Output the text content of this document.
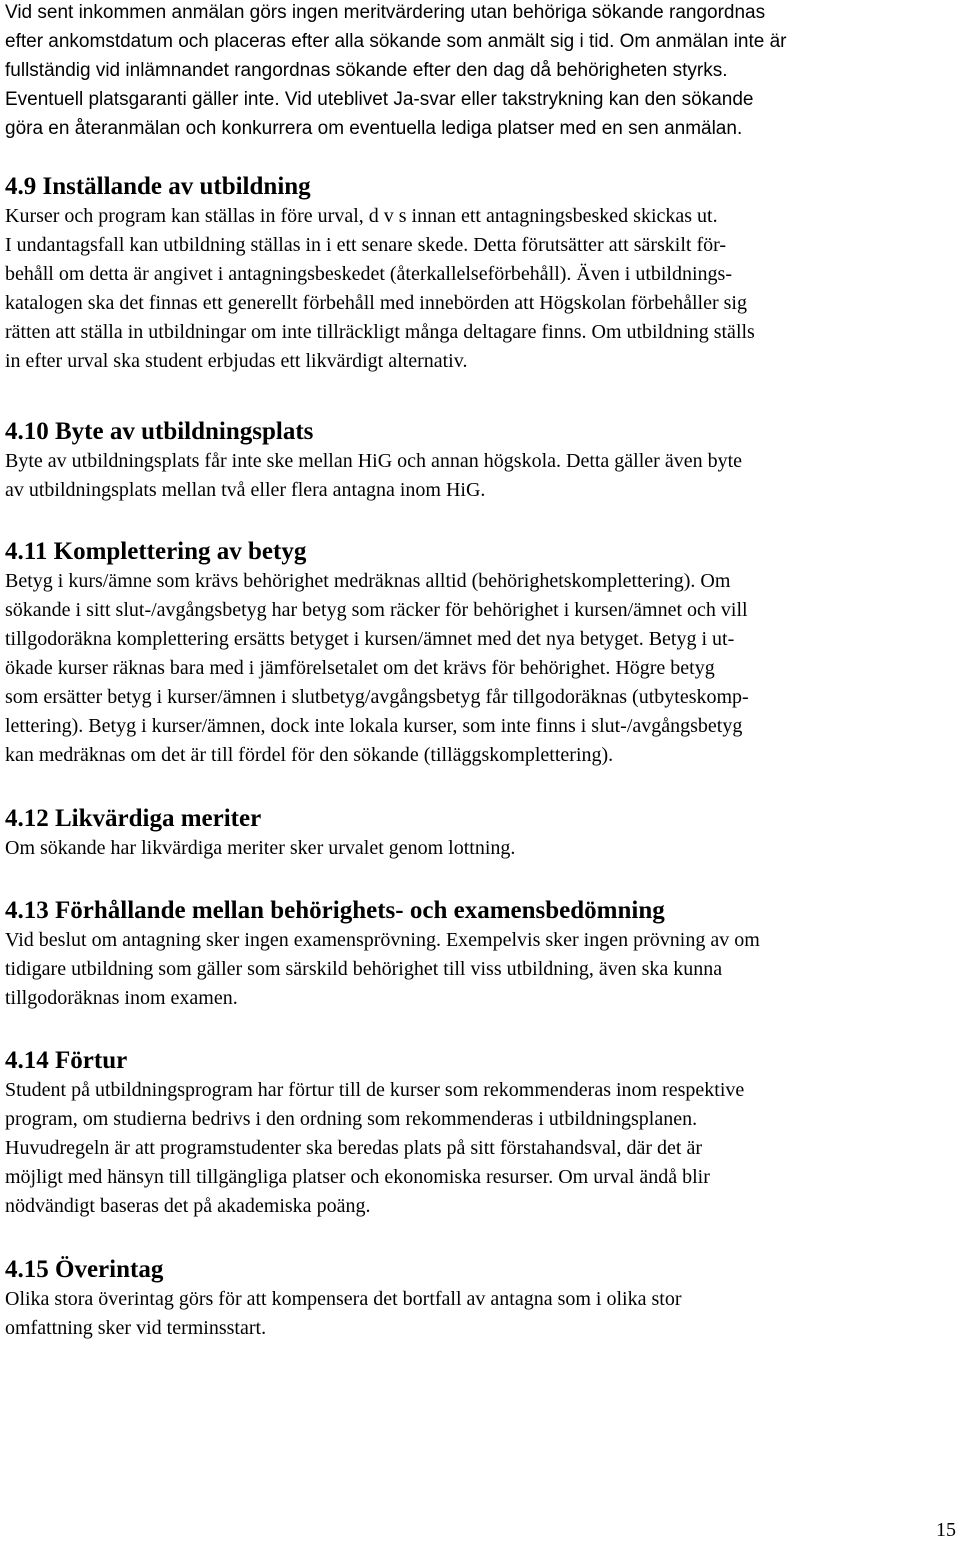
Vid sent inkommen anmälan görs ingen meritvärdering utan behöriga sökande rangordnas
efter ankomstdatum och placeras efter alla sökande som anmält sig i tid. Om anmälan inte är
fullständig vid inlämnandet rangordnas sökande efter den dag då behörigheten styrks.
Eventuell platsgaranti gäller inte. Vid uteblivet Ja-svar eller takstrykning kan den sökande
göra en återanmälan och konkurrera om eventuella lediga platser med en sen anmälan.
4.9 Inställande av utbildning
Kurser och program kan ställas in före urval, d v s innan ett antagningsbesked skickas ut.
I undantagsfall kan utbildning ställas in i ett senare skede. Detta förutsätter att särskilt för-
behåll om detta är angivet i antagningsbeskedet (återkallelseförbehåll). Även i utbildnings-
katalogen ska det finnas ett generellt förbehåll med innebörden att Högskolan förbehåller sig
rätten att ställa in utbildningar om inte tillräckligt många deltagare finns. Om utbildning ställs
in efter urval ska student erbjudas ett likvärdigt alternativ.
4.10 Byte av utbildningsplats
Byte av utbildningsplats får inte ske mellan HiG och annan högskola. Detta gäller även byte
av utbildningsplats mellan två eller flera antagna inom HiG.
4.11 Komplettering av betyg
Betyg i kurs/ämne som krävs behörighet medräknas alltid (behörighetskomplettering). Om
sökande i sitt slut-/avgångsbetyg har betyg som räcker för behörighet i kursen/ämnet och vill
tillgodoräkna komplettering ersätts betyget i kursen/ämnet med det nya betyget. Betyg i ut-
ökade kurser räknas bara med i jämförelsetalet om det krävs för behörighet. Högre betyg
som ersätter betyg i kurser/ämnen i slutbetyg/avgångsbetyg får tillgodoräknas (utbyteskomp-
lettering). Betyg i kurser/ämnen, dock inte lokala kurser, som inte finns i slut-/avgångsbetyg
kan medräknas om det är till fördel för den sökande (tilläggskomplettering).
4.12 Likvärdiga meriter
Om sökande har likvärdiga meriter sker urvalet genom lottning.
4.13 Förhållande mellan behörighets- och examensbedömning
Vid beslut om antagning sker ingen examensprövning. Exempelvis sker ingen prövning av om
tidigare utbildning som gäller som särskild behörighet till viss utbildning, även ska kunna
tillgodoräknas inom examen.
4.14 Förtur
Student på utbildningsprogram har förtur till de kurser som rekommenderas inom respektive
program, om studierna bedrivs i den ordning som rekommenderas i utbildningsplanen.
Huvudregeln är att programstudenter ska beredas plats på sitt förstahandsval, där det är
möjligt med hänsyn till tillgängliga platser och ekonomiska resurser. Om urval ändå blir
nödvändigt baseras det på akademiska poäng.
4.15 Överintag
Olika stora överintag görs för att kompensera det bortfall av antagna som i olika stor
omfattning sker vid terminsstart.
15
